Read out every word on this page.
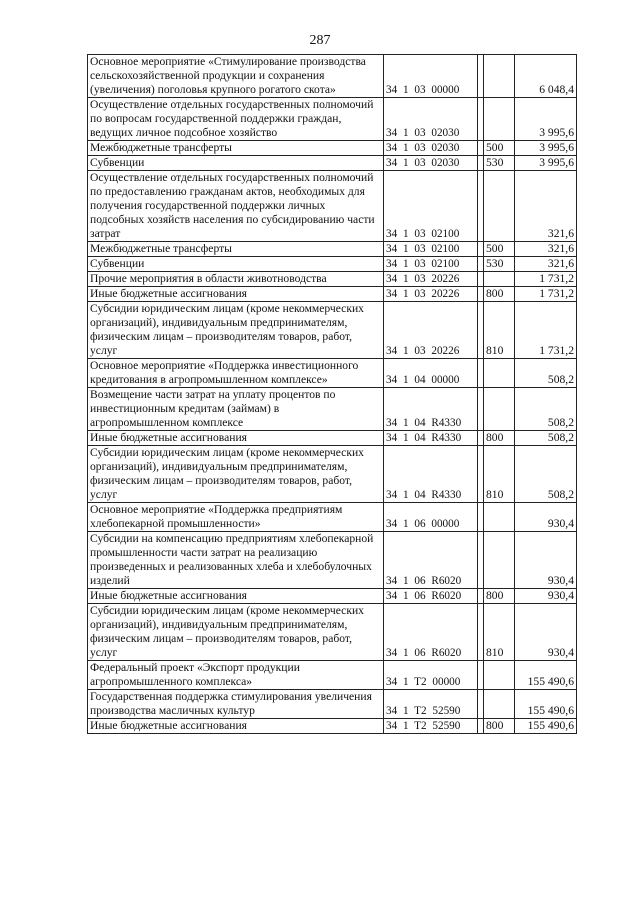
287
Основное мероприятие «Стимулирование производства сельскохозяйственной продукции и сохранения (увеличения) поголовья крупного рогатого скота»	34 1 03 00000			6 048,4
Осуществление отдельных государственных полномочий по вопросам государственной поддержки граждан, ведущих личное подсобное хозяйство	34 1 03 02030			3 995,6
Межбюджетные трансферты	34 1 03 02030		500	3 995,6
Субвенции	34 1 03 02030		530	3 995,6
Осуществление отдельных государственных полномочий по предоставлению гражданам актов, необходимых для получения государственной поддержки личных подсобных хозяйств населения по субсидированию части затрат	34 1 03 02100			321,6
Межбюджетные трансферты	34 1 03 02100		500	321,6
Субвенции	34 1 03 02100		530	321,6
Прочие мероприятия в области животноводства	34 1 03 20226			1 731,2
Иные бюджетные ассигнования	34 1 03 20226		800	1 731,2
Субсидии юридическим лицам (кроме некоммерческих организаций), индивидуальным предпринимателям, физическим лицам – производителям товаров, работ, услуг	34 1 03 20226		810	1 731,2
Основное мероприятие «Поддержка инвестиционного кредитования в агропромышленном комплексе»	34 1 04 00000			508,2
Возмещение части затрат на уплату процентов по инвестиционным кредитам (займам) в агропромышленном комплексе	34 1 04 R4330			508,2
Иные бюджетные ассигнования	34 1 04 R4330		800	508,2
Субсидии юридическим лицам (кроме некоммерческих организаций), индивидуальным предпринимателям, физическим лицам – производителям товаров, работ, услуг	34 1 04 R4330		810	508,2
Основное мероприятие «Поддержка предприятиям хлебопекарной промышленности»	34 1 06 00000			930,4
Субсидии на компенсацию предприятиям хлебопекарной промышленности части затрат на реализацию произведенных и реализованных хлеба и хлебобулочных изделий	34 1 06 R6020			930,4
Иные бюджетные ассигнования	34 1 06 R6020		800	930,4
Субсидии юридическим лицам (кроме некоммерческих организаций), индивидуальным предпринимателям, физическим лицам – производителям товаров, работ, услуг	34 1 06 R6020		810	930,4
Федеральный проект «Экспорт продукции агропромышленного комплекса»	34 1 T2 00000			155 490,6
Государственная поддержка стимулирования увеличения производства масличных культур	34 1 T2 52590			155 490,6
Иные бюджетные ассигнования	34 1 T2 52590		800	155 490,6
